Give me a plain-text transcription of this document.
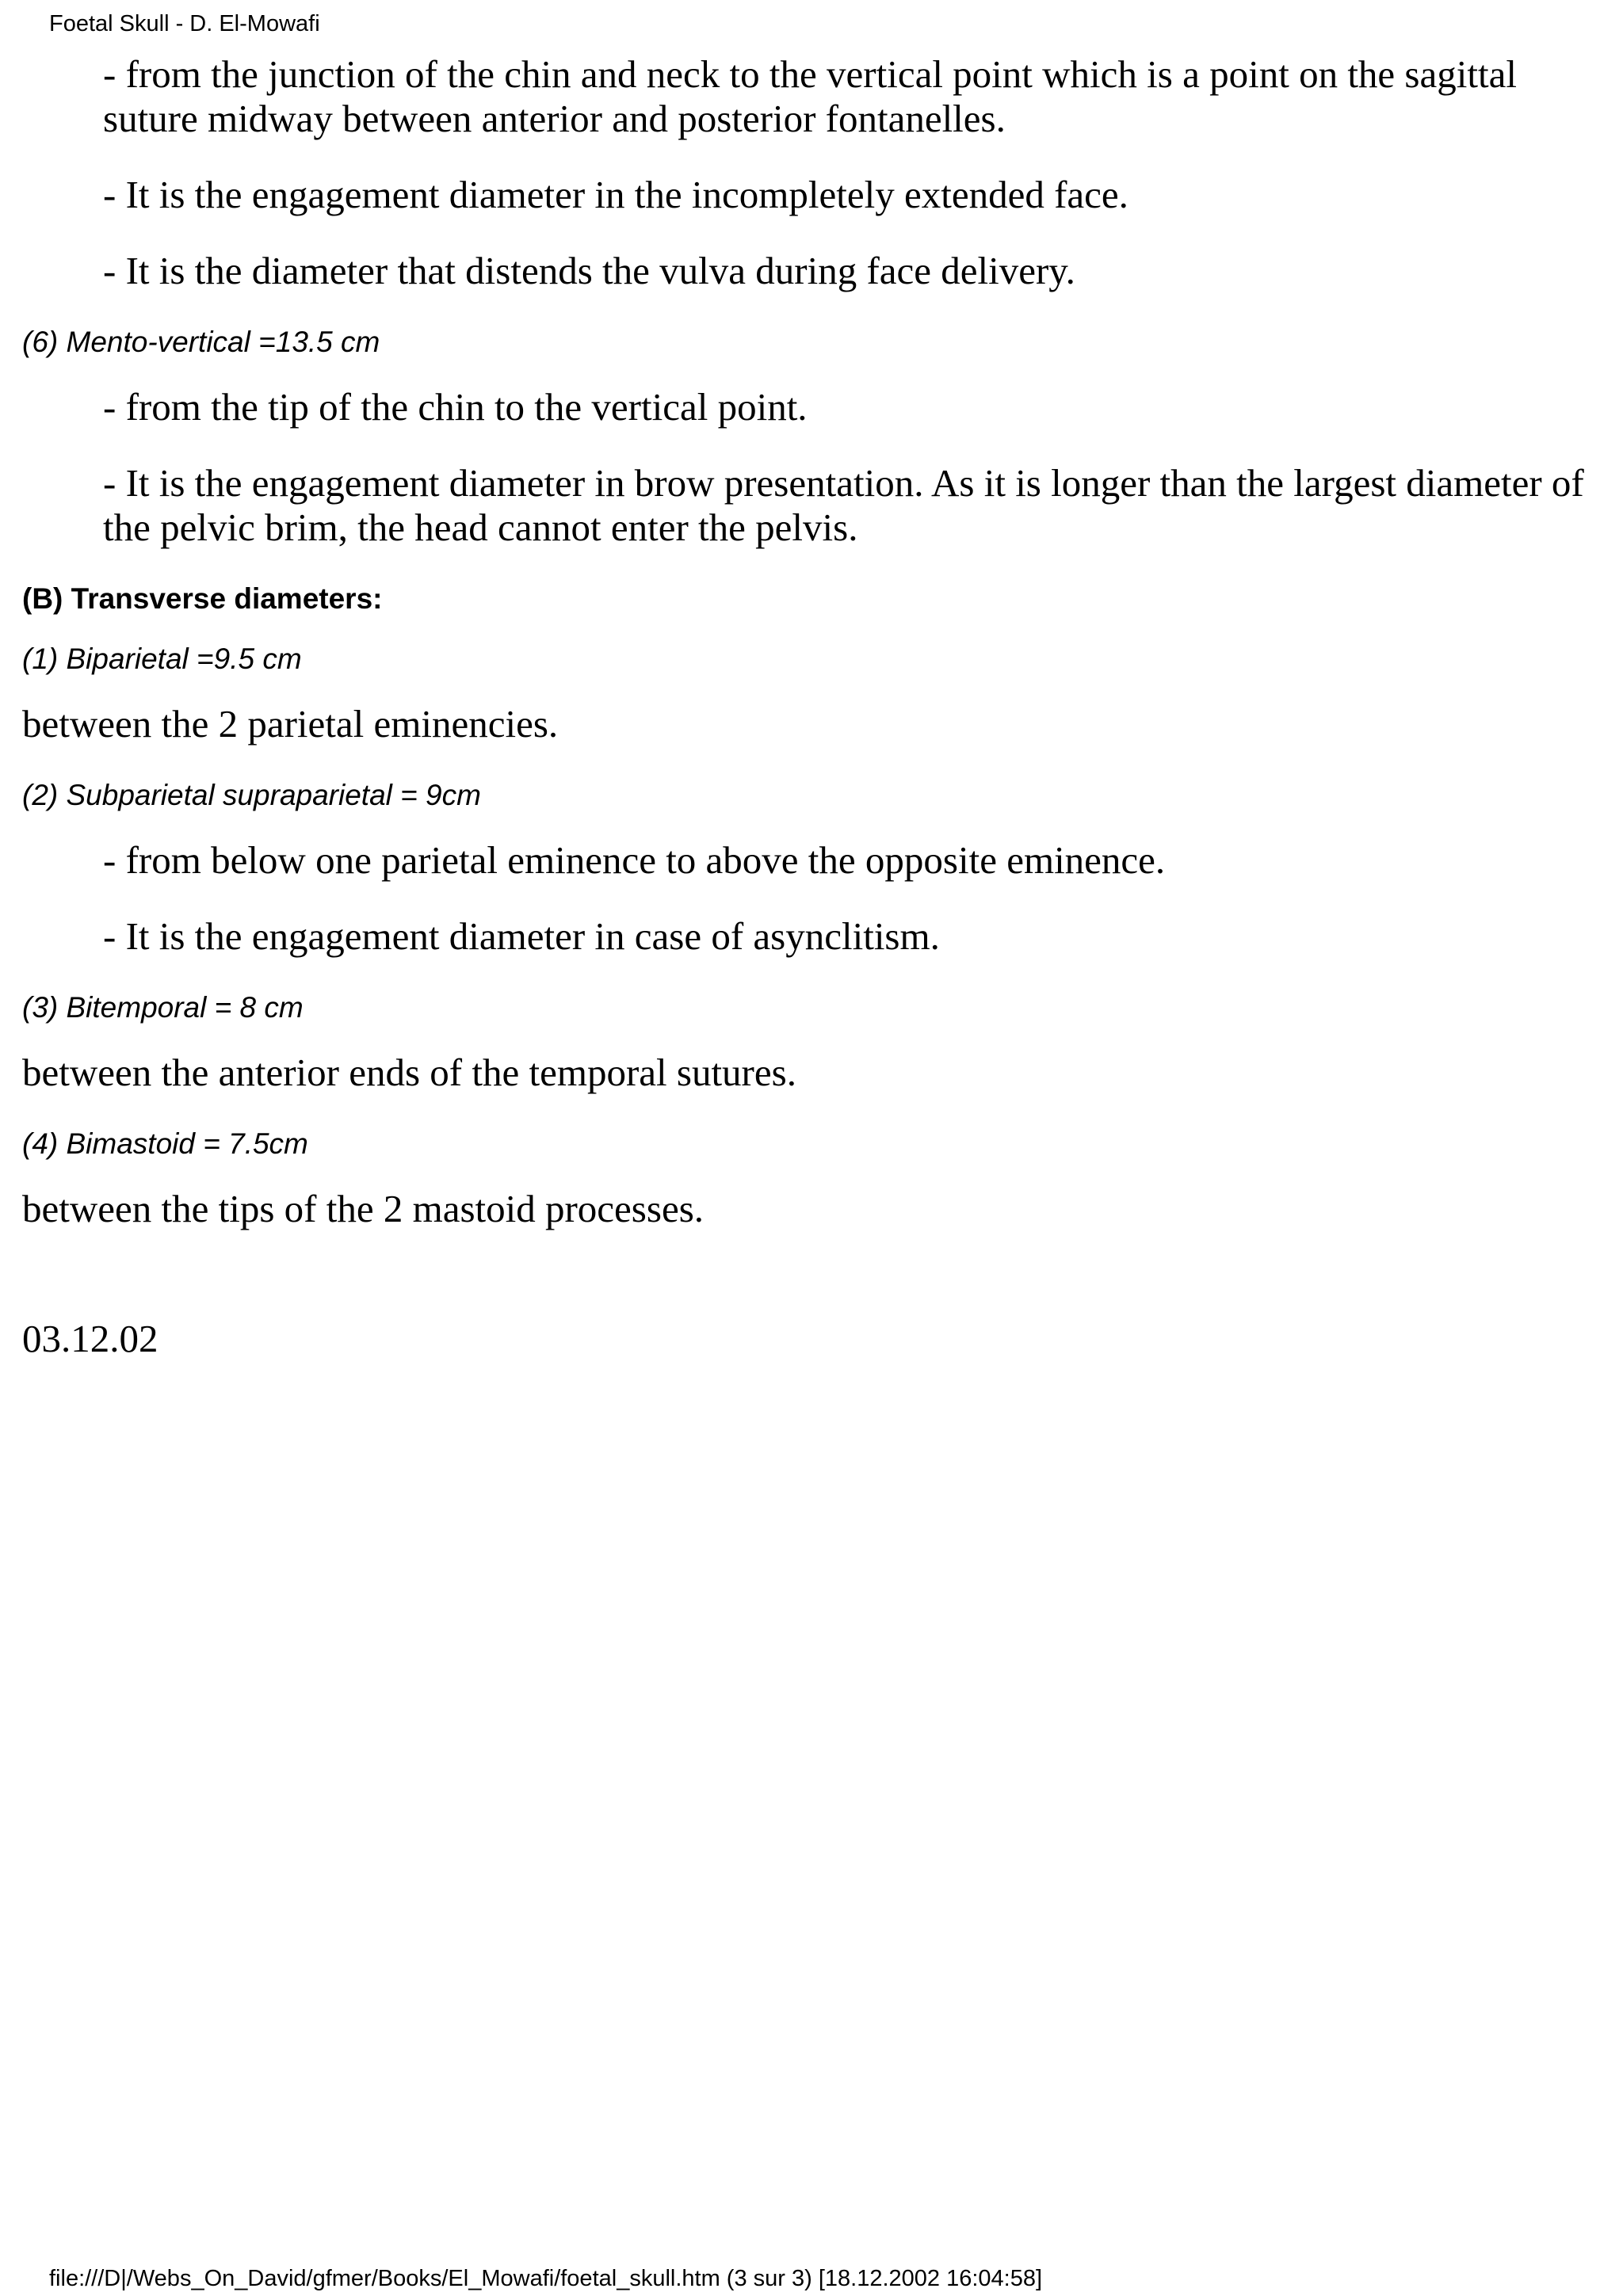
Foetal Skull - D. El-Mowafi

- from the junction of the chin and neck to the vertical point which is a point on the sagittal suture midway between anterior and posterior fontanelles.

- It is the engagement diameter in the incompletely extended face.

- It is the diameter that distends the vulva during face delivery.

(6) Mento-vertical =13.5 cm

- from the tip of the chin to the vertical point.

- It is the engagement diameter in brow presentation. As it is longer than the largest diameter of the pelvic brim, the head cannot enter the pelvis.

(B) Transverse diameters:
(1) Biparietal =9.5 cm

between the 2 parietal eminencies.

(2) Subparietal supraparietal = 9cm

- from below one parietal eminence to above the opposite eminence.

- It is the engagement diameter in case of asynclitism.

(3) Bitemporal = 8 cm

between the anterior ends of the temporal sutures.

(4) Bimastoid = 7.5cm

between the tips of the 2 mastoid processes.

03.12.02
file:///D|/Webs_On_David/gfmer/Books/El_Mowafi/foetal_skull.htm (3 sur 3) [18.12.2002 16:04:58]
